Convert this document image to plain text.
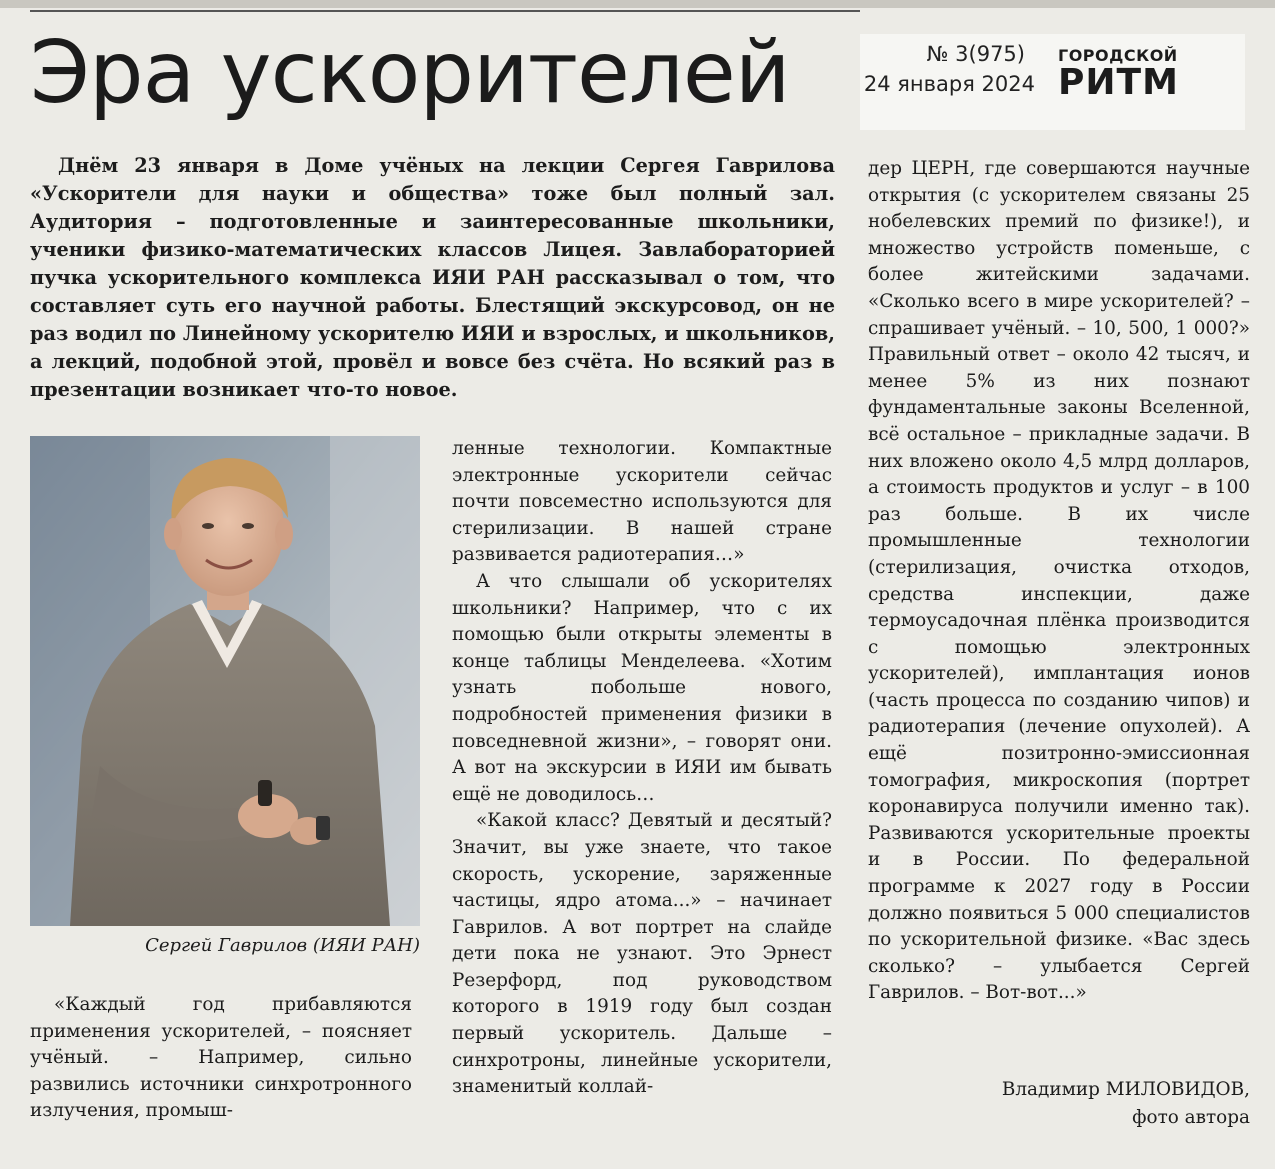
Эра ускорителей	№ 3(975)
24 января 2024
ГОРОДСКОЙ
РИТМ

Днём 23 января в Доме учёных на лекции Сергея Гаврилова «Ускорители для науки и общества» тоже был полный зал. Аудитория – подготовленные и заинтересованные школьники, ученики физико-математических классов Лицея. Завлабораторией пучка ускорительного комплекса ИЯИ РАН рассказывал о том, что составляет суть его научной работы. Блестящий экскурсовод, он не раз водил по Линейному ускорителю ИЯИ и взрослых, и школьников, а лекций, подобной этой, провёл и вовсе без счёта. Но всякий раз в презентации возникает что-то новое.

Сергей Гаврилов (ИЯИ РАН)

«Каждый год прибавляются применения ускорителей, – поясняет учёный. – Например, сильно развились источники синхротронного излучения, промыш-

ленные технологии. Компактные электронные ускорители сейчас почти повсеместно используются для стерилизации. В нашей стране развивается радиотерапия…»

А что слышали об ускорителях школьники? Например, что с их помощью были открыты элементы в конце таблицы Менделеева. «Хотим узнать побольше нового, подробностей применения физики в повседневной жизни», – говорят они. А вот на экскурсии в ИЯИ им бывать ещё не доводилось…

«Какой класс? Девятый и десятый? Значит, вы уже знаете, что такое скорость, ускорение, заряженные частицы, ядро атома...» – начинает Гаврилов. А вот портрет на слайде дети пока не узнают. Это Эрнест Резерфорд, под руководством которого в 1919 году был создан первый ускоритель. Дальше – синхротроны, линейные ускорители, знаменитый коллай-

дер ЦЕРН, где совершаются научные открытия (с ускорителем связаны 25 нобелевских премий по физике!), и множество устройств поменьше, с более житейскими задачами. «Сколько всего в мире ускорителей? – спрашивает учёный. – 10, 500, 1 000?» Правильный ответ – около 42 тысяч, и менее 5% из них познают фундаментальные законы Вселенной, всё остальное – прикладные задачи. В них вложено около 4,5 млрд долларов, а стоимость продуктов и услуг – в 100 раз больше. В их числе промышленные технологии (стерилизация, очистка отходов, средства инспекции, даже термоусадочная плёнка производится с помощью электронных ускорителей), имплантация ионов (часть процесса по созданию чипов) и радиотерапия (лечение опухолей). А ещё позитронно-эмиссионная томография, микроскопия (портрет коронавируса получили именно так). Развиваются ускорительные проекты и в России. По федеральной программе к 2027 году в России должно появиться 5 000 специалистов по ускорительной физике. «Вас здесь сколько? – улыбается Сергей Гаврилов. – Вот-вот...»

Владимир МИЛОВИДОВ,
фото автора
